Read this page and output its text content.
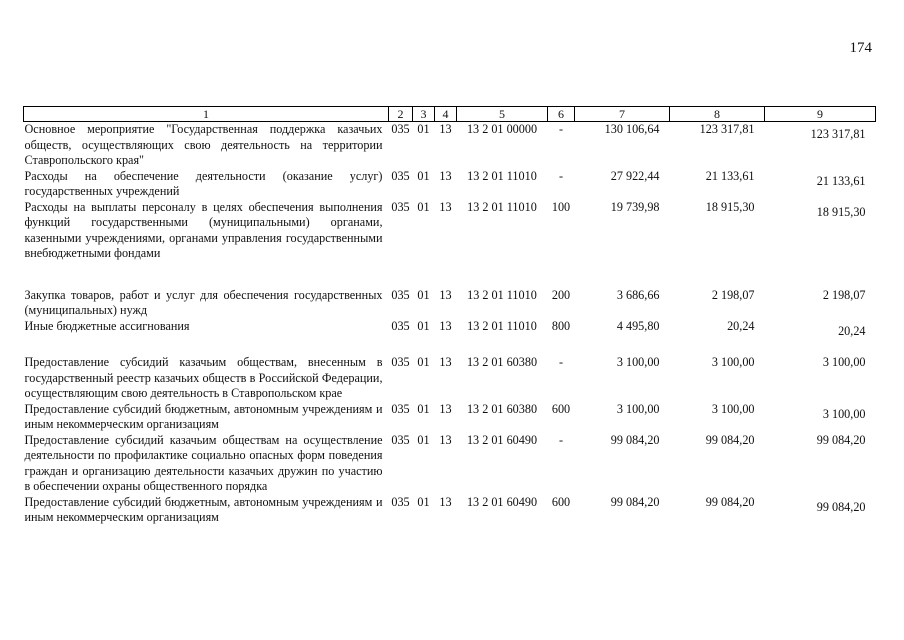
174
1	2	3	4	5	6	7	8	9
Основное мероприятие "Государственная поддержка казачьих обществ, осуществляющих свою деятельность на территории Ставропольского края"	035	01	13	13 2 01 00000	-	130 106,64	123 317,81	123 317,81
Расходы на обеспечение деятельности (оказание услуг) государственных учреждений	035	01	13	13 2 01 11010	-	27 922,44	21 133,61	21 133,61
Расходы на выплаты персоналу в целях обеспечения выполнения функций государственными (муниципальными) органами, казенными учреждениями, органами управления государственными внебюджетными фондами	035	01	13	13 2 01 11010	100	19 739,98	18 915,30	18 915,30
Закупка товаров, работ и услуг для обеспечения государственных (муниципальных) нужд	035	01	13	13 2 01 11010	200	3 686,66	2 198,07	2 198,07
Иные бюджетные ассигнования	035	01	13	13 2 01 11010	800	4 495,80	20,24	20,24
Предоставление субсидий казачьим обществам, внесенным в государственный реестр казачьих обществ в Российской Федерации, осуществляющим свою деятельность в Ставропольском крае	035	01	13	13 2 01 60380	-	3 100,00	3 100,00	3 100,00
Предоставление субсидий бюджетным, автономным учреждениям и иным некоммерческим организациям	035	01	13	13 2 01 60380	600	3 100,00	3 100,00	3 100,00
Предоставление субсидий казачьим обществам на осуществление деятельности по профилактике социально опасных форм поведения граждан и организацию деятельности казачьих дружин по участию в обеспечении охраны общественного порядка	035	01	13	13 2 01 60490	-	99 084,20	99 084,20	99 084,20
Предоставление субсидий бюджетным, автономным учреждениям и иным некоммерческим организациям	035	01	13	13 2 01 60490	600	99 084,20	99 084,20	99 084,20
